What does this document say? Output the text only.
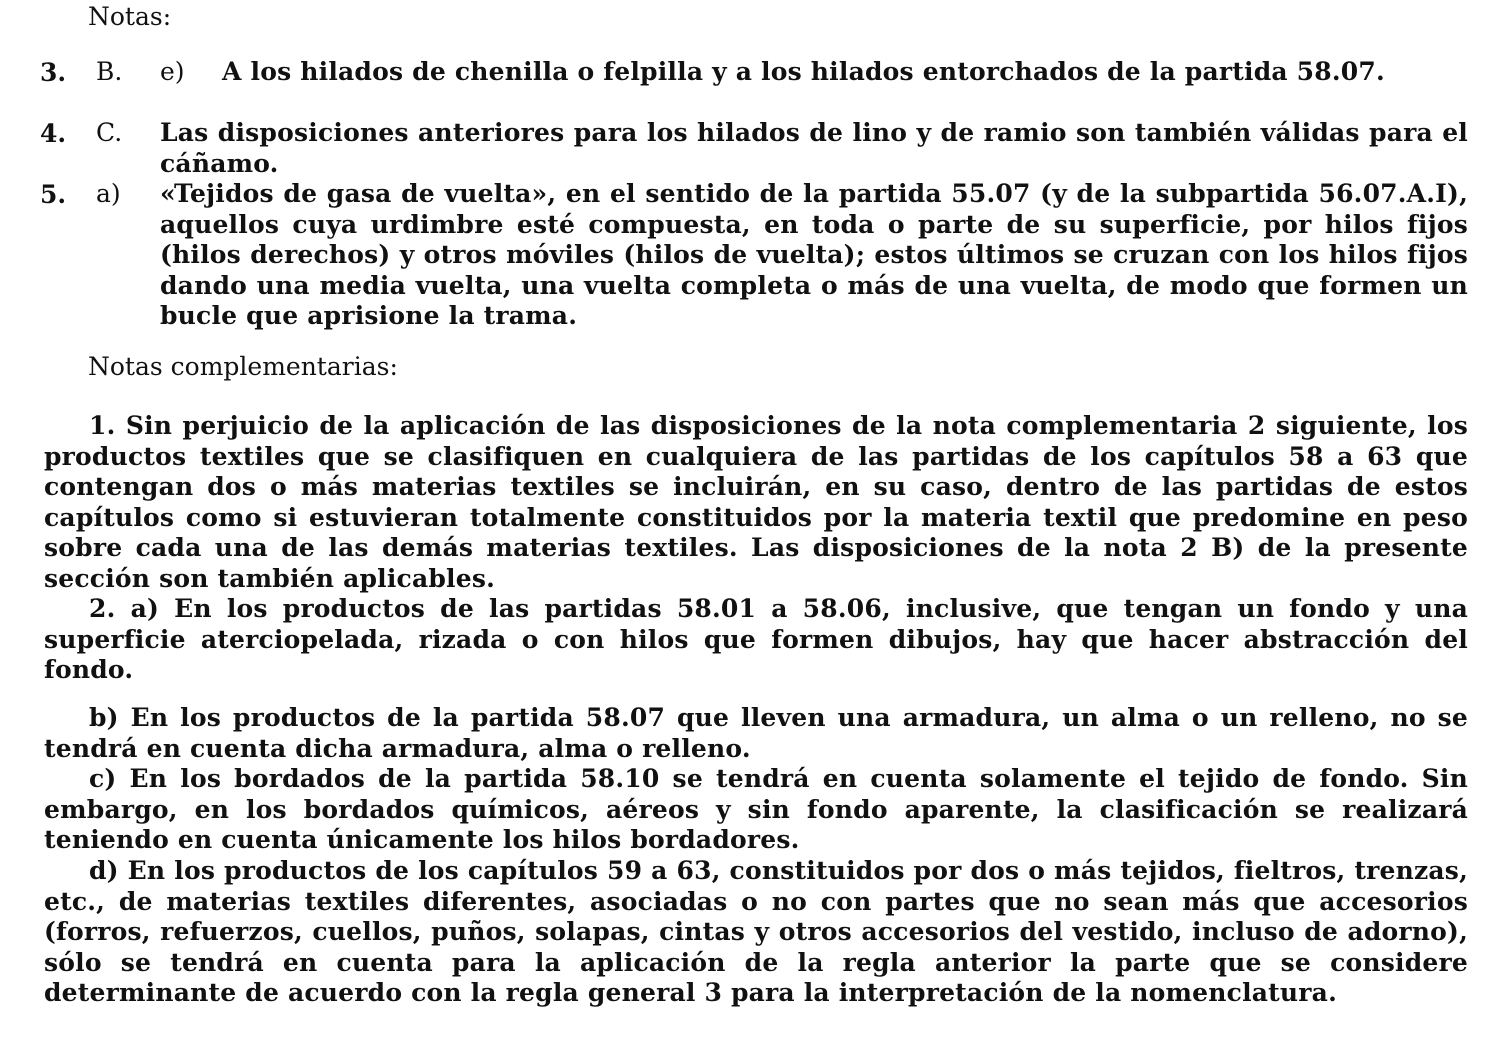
Notas:
3. B. e) A los hilados de chenilla o felpilla y a los hilados entorchados de la partida 58.07.
4. C. Las disposiciones anteriores para los hilados de lino y de ramio son también válidas para el cáñamo.
5. a) «Tejidos de gasa de vuelta», en el sentido de la partida 55.07 (y de la subpartida 56.07.A.I), aquellos cuya urdimbre esté compuesta, en toda o parte de su superficie, por hilos fijos (hilos derechos) y otros móviles (hilos de vuelta); estos últimos se cruzan con los hilos fijos dando una media vuelta, una vuelta completa o más de una vuelta, de modo que formen un bucle que aprisione la trama.
Notas complementarias:
1. Sin perjuicio de la aplicación de las disposiciones de la nota complementaria 2 siguiente, los productos textiles que se clasifiquen en cualquiera de las partidas de los capítulos 58 a 63 que contengan dos o más materias textiles se incluirán, en su caso, dentro de las partidas de estos capítulos como si estuvieran totalmente constituidos por la materia textil que predomine en peso sobre cada una de las demás materias textiles. Las disposiciones de la nota 2 B) de la presente sección son también aplicables.
2. a) En los productos de las partidas 58.01 a 58.06, inclusive, que tengan un fondo y una superficie aterciopelada, rizada o con hilos que formen dibujos, hay que hacer abstracción del fondo.
b) En los productos de la partida 58.07 que lleven una armadura, un alma o un relleno, no se tendrá en cuenta dicha armadura, alma o relleno.
c) En los bordados de la partida 58.10 se tendrá en cuenta solamente el tejido de fondo. Sin embargo, en los bordados químicos, aéreos y sin fondo aparente, la clasificación se realizará teniendo en cuenta únicamente los hilos bordadores.
d) En los productos de los capítulos 59 a 63, constituidos por dos o más tejidos, fieltros, trenzas, etc., de materias textiles diferentes, asociadas o no con partes que no sean más que accesorios (forros, refuerzos, cuellos, puños, solapas, cintas y otros accesorios del vestido, incluso de adorno), sólo se tendrá en cuenta para la aplicación de la regla anterior la parte que se considere determinante de acuerdo con la regla general 3 para la interpretación de la nomenclatura.
